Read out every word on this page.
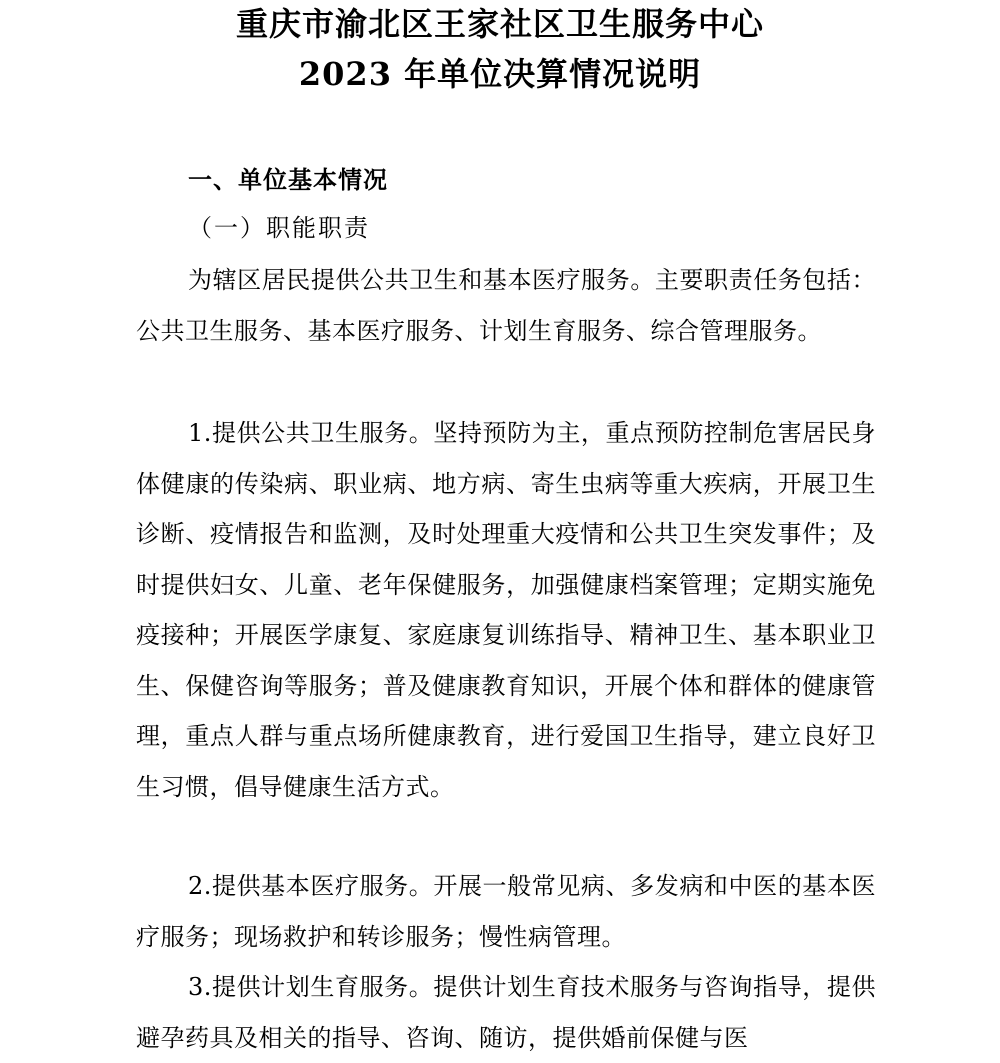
重庆市渝北区王家社区卫生服务中心
2023 年单位决算情况说明
一、单位基本情况
（一）职能职责

为辖区居民提供公共卫生和基本医疗服务。主要职责任务包括：公共卫生服务、基本医疗服务、计划生育服务、综合管理服务。

1.提供公共卫生服务。坚持预防为主，重点预防控制危害居民身体健康的传染病、职业病、地方病、寄生虫病等重大疾病，开展卫生诊断、疫情报告和监测，及时处理重大疫情和公共卫生突发事件；及时提供妇女、儿童、老年保健服务，加强健康档案管理；定期实施免疫接种；开展医学康复、家庭康复训练指导、精神卫生、基本职业卫生、保健咨询等服务；普及健康教育知识，开展个体和群体的健康管理，重点人群与重点场所健康教育，进行爱国卫生指导，建立良好卫生习惯，倡导健康生活方式。

2.提供基本医疗服务。开展一般常见病、多发病和中医的基本医疗服务；现场救护和转诊服务；慢性病管理。

3.提供计划生育服务。提供计划生育技术服务与咨询指导，提供避孕药具及相关的指导、咨询、随访，提供婚前保健与医
